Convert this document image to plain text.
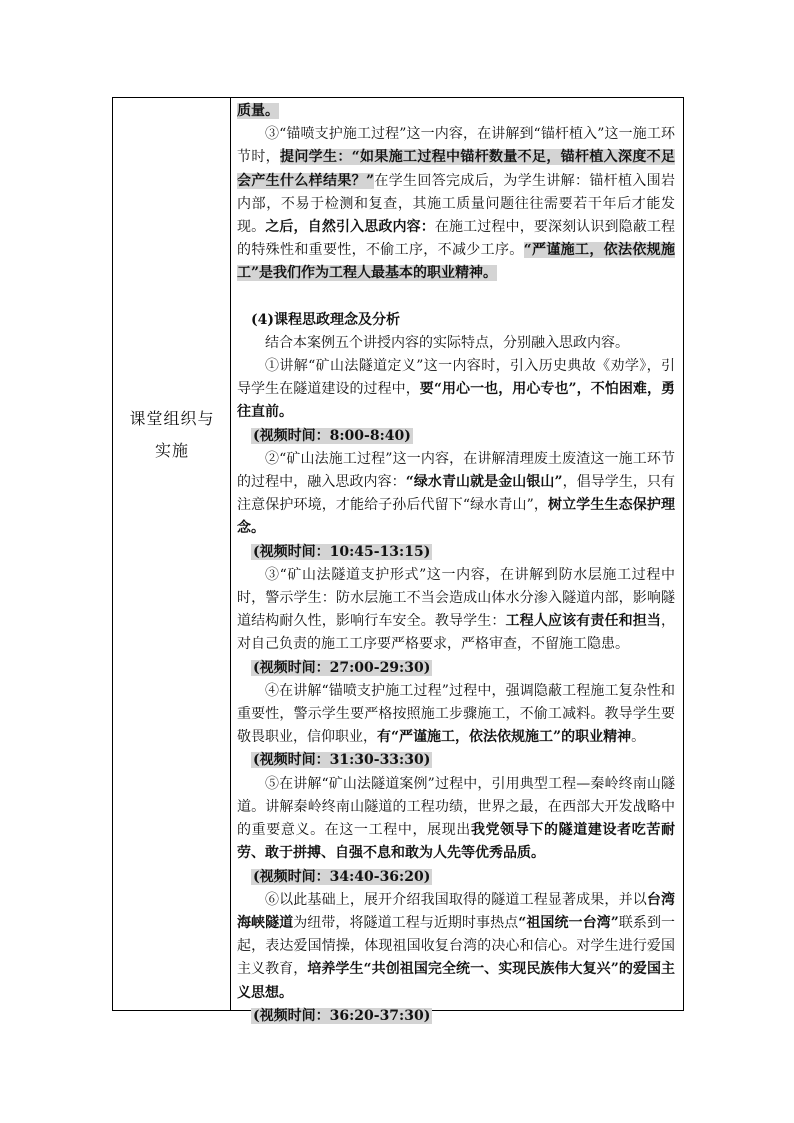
课堂组织与
实施

质量。

③“锚喷支护施工过程”这一内容，在讲解到“锚杆植入”这一施工环节时，提问学生：“如果施工过程中锚杆数量不足，锚杆植入深度不足会产生什么样结果？”在学生回答完成后，为学生讲解：锚杆植入围岩内部，不易于检测和复查，其施工质量问题往往需要若干年后才能发现。之后，自然引入思政内容：在施工过程中，要深刻认识到隐蔽工程的特殊性和重要性，不偷工序，不减少工序。“严谨施工，依法依规施工”是我们作为工程人最基本的职业精神。

(4)课程思政理念及分析

结合本案例五个讲授内容的实际特点，分别融入思政内容。

①讲解“矿山法隧道定义”这一内容时，引入历史典故《劝学》，引导学生在隧道建设的过程中，要“用心一也，用心专也”，不怕困难，勇往直前。

(视频时间：8:00-8:40)

②“矿山法施工过程”这一内容，在讲解清理废土废渣这一施工环节的过程中，融入思政内容：“绿水青山就是金山银山”，倡导学生，只有注意保护环境，才能给子孙后代留下“绿水青山”，树立学生生态保护理念。

(视频时间：10:45-13:15)

③“矿山法隧道支护形式”这一内容，在讲解到防水层施工过程中时，警示学生：防水层施工不当会造成山体水分渗入隧道内部，影响隧道结构耐久性，影响行车安全。教导学生：工程人应该有责任和担当，对自己负责的施工工序要严格要求，严格审查，不留施工隐患。

(视频时间：27:00-29:30)

④在讲解“锚喷支护施工过程”过程中，强调隐蔽工程施工复杂性和重要性，警示学生要严格按照施工步骤施工，不偷工减料。教导学生要敬畏职业，信仰职业，有“严谨施工，依法依规施工”的职业精神。

(视频时间：31:30-33:30)

⑤在讲解“矿山法隧道案例”过程中，引用典型工程—秦岭终南山隧道。讲解秦岭终南山隧道的工程功绩，世界之最，在西部大开发战略中的重要意义。在这一工程中，展现出我党领导下的隧道建设者吃苦耐劳、敢于拼搏、自强不息和敢为人先等优秀品质。

(视频时间：34:40-36:20)

⑥以此基础上，展开介绍我国取得的隧道工程显著成果，并以台湾海峡隧道为纽带，将隧道工程与近期时事热点“祖国统一台湾”联系到一起，表达爱国情操，体现祖国收复台湾的决心和信心。对学生进行爱国主义教育，培养学生“共创祖国完全统一、实现民族伟大复兴”的爱国主义思想。

(视频时间：36:20-37:30)
